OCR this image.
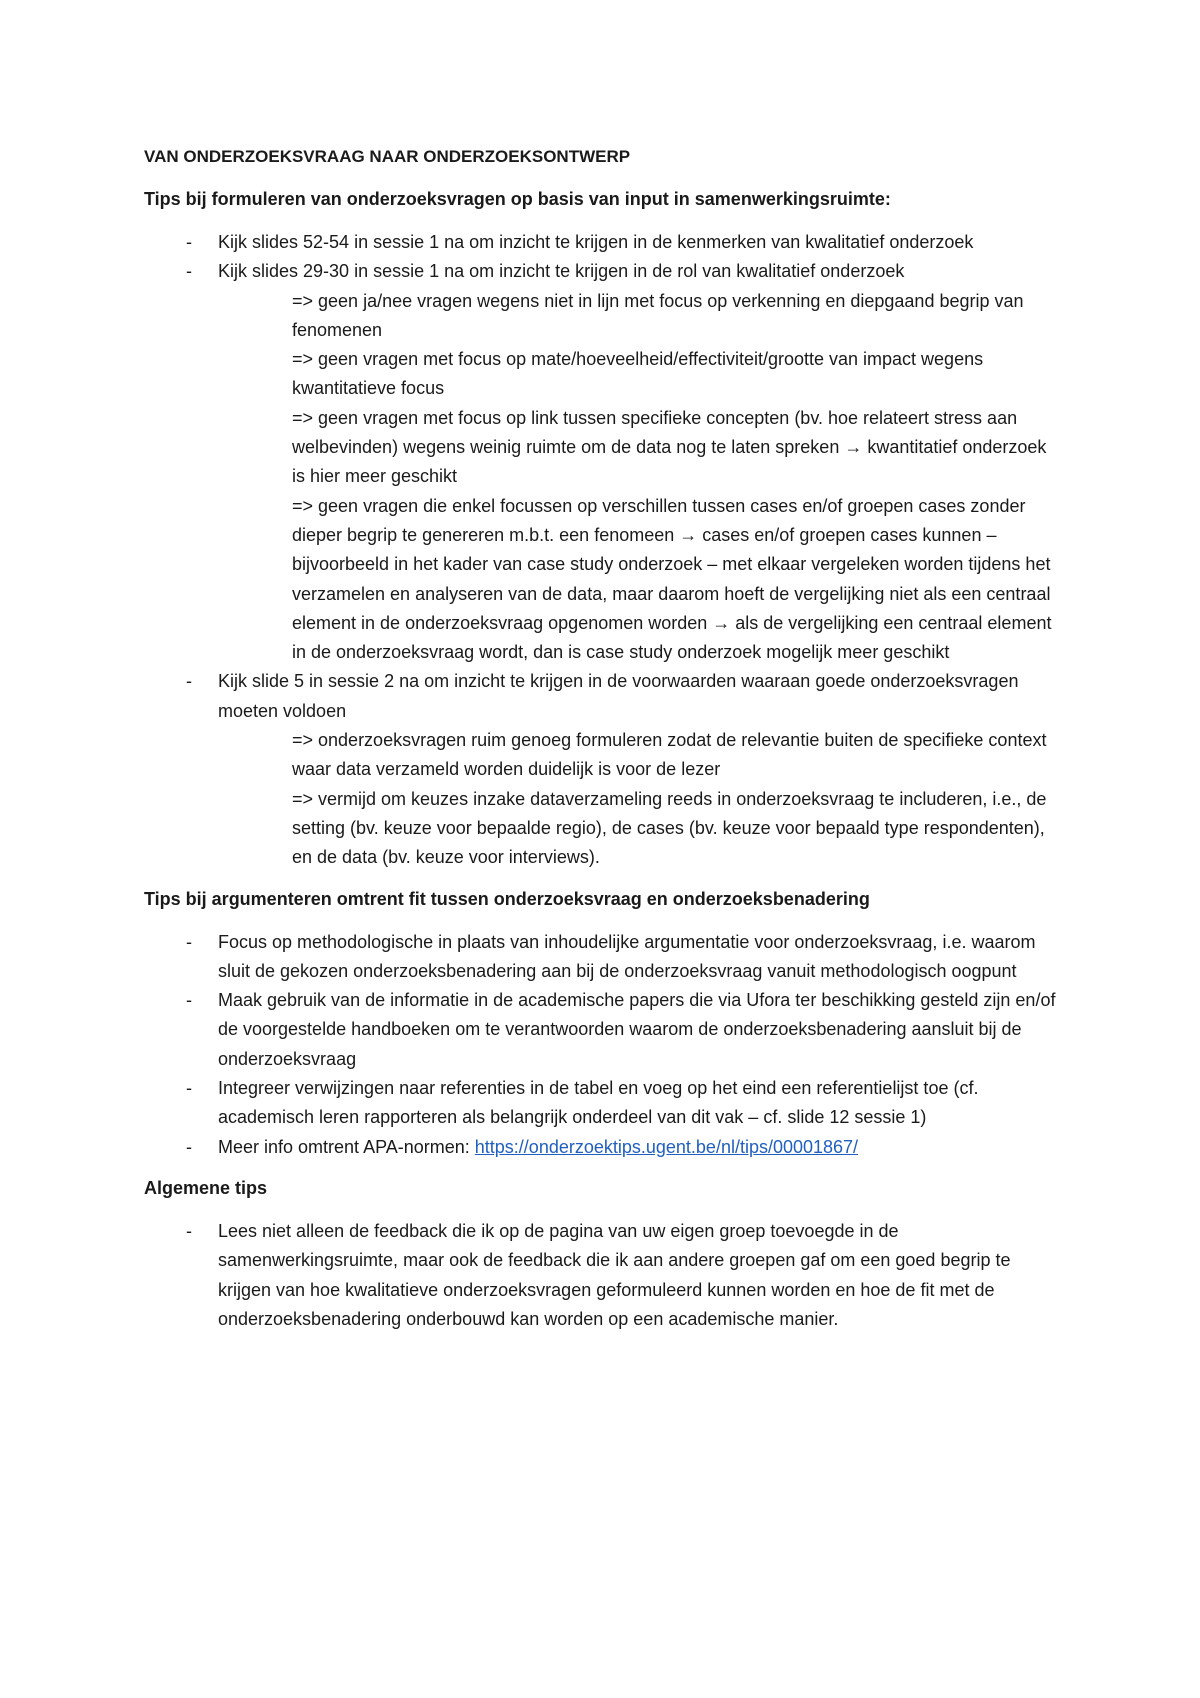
VAN ONDERZOEKSVRAAG NAAR ONDERZOEKSONTWERP
Tips bij formuleren van onderzoeksvragen op basis van input in samenwerkingsruimte:
- Kijk slides 52-54 in sessie 1 na om inzicht te krijgen in de kenmerken van kwalitatief onderzoek
- Kijk slides 29-30 in sessie 1 na om inzicht te krijgen in de rol van kwalitatief onderzoek
=> geen ja/nee vragen wegens niet in lijn met focus op verkenning en diepgaand begrip van fenomenen
=> geen vragen met focus op mate/hoeveelheid/effectiviteit/grootte van impact wegens kwantitatieve focus
=> geen vragen met focus op link tussen specifieke concepten (bv. hoe relateert stress aan welbevinden) wegens weinig ruimte om de data nog te laten spreken → kwantitatief onderzoek is hier meer geschikt
=> geen vragen die enkel focussen op verschillen tussen cases en/of groepen cases zonder dieper begrip te genereren m.b.t. een fenomeen → cases en/of groepen cases kunnen – bijvoorbeeld in het kader van case study onderzoek – met elkaar vergeleken worden tijdens het verzamelen en analyseren van de data, maar daarom hoeft de vergelijking niet als een centraal element in de onderzoeksvraag opgenomen worden → als de vergelijking een centraal element in de onderzoeksvraag wordt, dan is case study onderzoek mogelijk meer geschikt
- Kijk slide 5 in sessie 2 na om inzicht te krijgen in de voorwaarden waaraan goede onderzoeksvragen moeten voldoen
=> onderzoeksvragen ruim genoeg formuleren zodat de relevantie buiten de specifieke context waar data verzameld worden duidelijk is voor de lezer
=> vermijd om keuzes inzake dataverzameling reeds in onderzoeksvraag te includeren, i.e., de setting (bv. keuze voor bepaalde regio), de cases (bv. keuze voor bepaald type respondenten), en de data (bv. keuze voor interviews).
Tips bij argumenteren omtrent fit tussen onderzoeksvraag en onderzoeksbenadering
- Focus op methodologische in plaats van inhoudelijke argumentatie voor onderzoeksvraag, i.e. waarom sluit de gekozen onderzoeksbenadering aan bij de onderzoeksvraag vanuit methodologisch oogpunt
- Maak gebruik van de informatie in de academische papers die via Ufora ter beschikking gesteld zijn en/of de voorgestelde handboeken om te verantwoorden waarom de onderzoeksbenadering aansluit bij de onderzoeksvraag
- Integreer verwijzingen naar referenties in de tabel en voeg op het eind een referentielijst toe (cf. academisch leren rapporteren als belangrijk onderdeel van dit vak – cf. slide 12 sessie 1)
- Meer info omtrent APA-normen: https://onderzoektips.ugent.be/nl/tips/00001867/
Algemene tips
- Lees niet alleen de feedback die ik op de pagina van uw eigen groep toevoegde in de samenwerkingsruimte, maar ook de feedback die ik aan andere groepen gaf om een goed begrip te krijgen van hoe kwalitatieve onderzoeksvragen geformuleerd kunnen worden en hoe de fit met de onderzoeksbenadering onderbouwd kan worden op een academische manier.
